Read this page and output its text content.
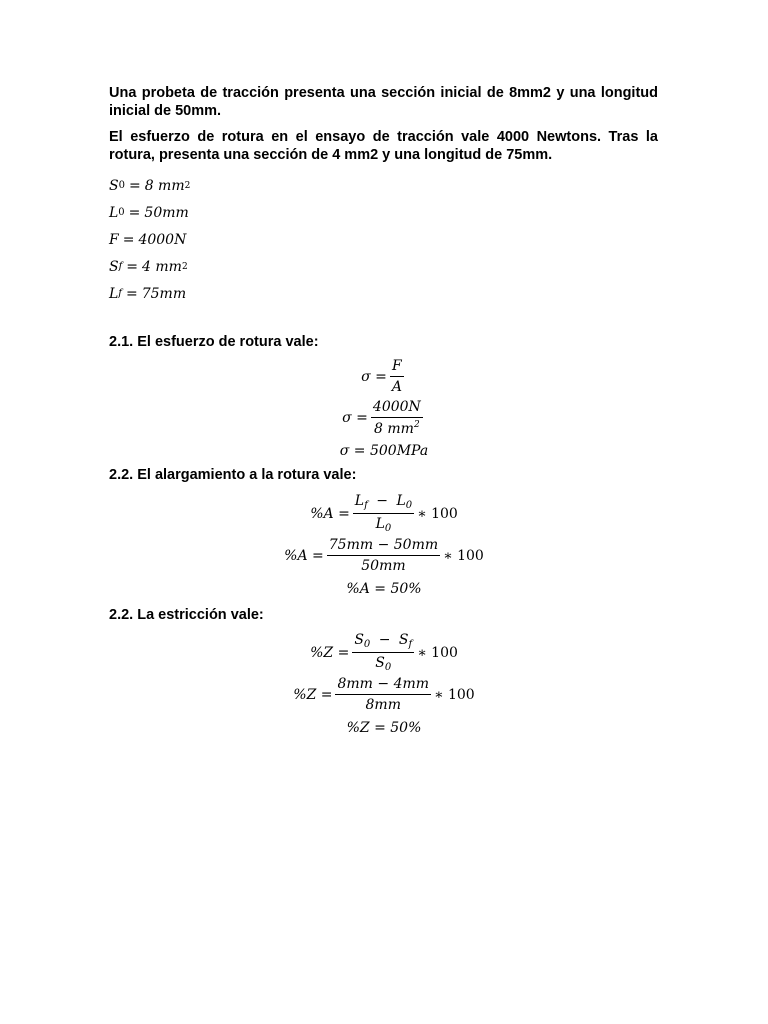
Una probeta de tracción presenta una sección inicial de 8mm2 y una longitud inicial de 50mm.

El esfuerzo de rotura en el ensayo de tracción vale 4000 Newtons. Tras la rotura, presenta una sección de 4 mm2 y una longitud de 75mm.

S 0 = 8 mm 2
L 0 = 50mm
F = 4000N
S f = 4 mm 2
L f = 75mm

2.1. El esfuerzo de rotura vale:

$\sigma = \frac{F}{A}$
$\sigma = \frac{4000N}{8 mm^2}$
σ = 500MPa

2.2. El alargamiento a la rotura vale:

$\%A = \frac{L_f - L_0}{L_0}$ ∗ 100
$\%A = \frac{75mm - 50mm}{50mm}$ ∗ 100
%A = 50%

2.2. La estricción vale:

$\%Z = \frac{S_0 - S_f}{S_0}$ ∗ 100
$\%Z = \frac{8mm - 4mm}{8mm}$ ∗ 100
%Z = 50%
